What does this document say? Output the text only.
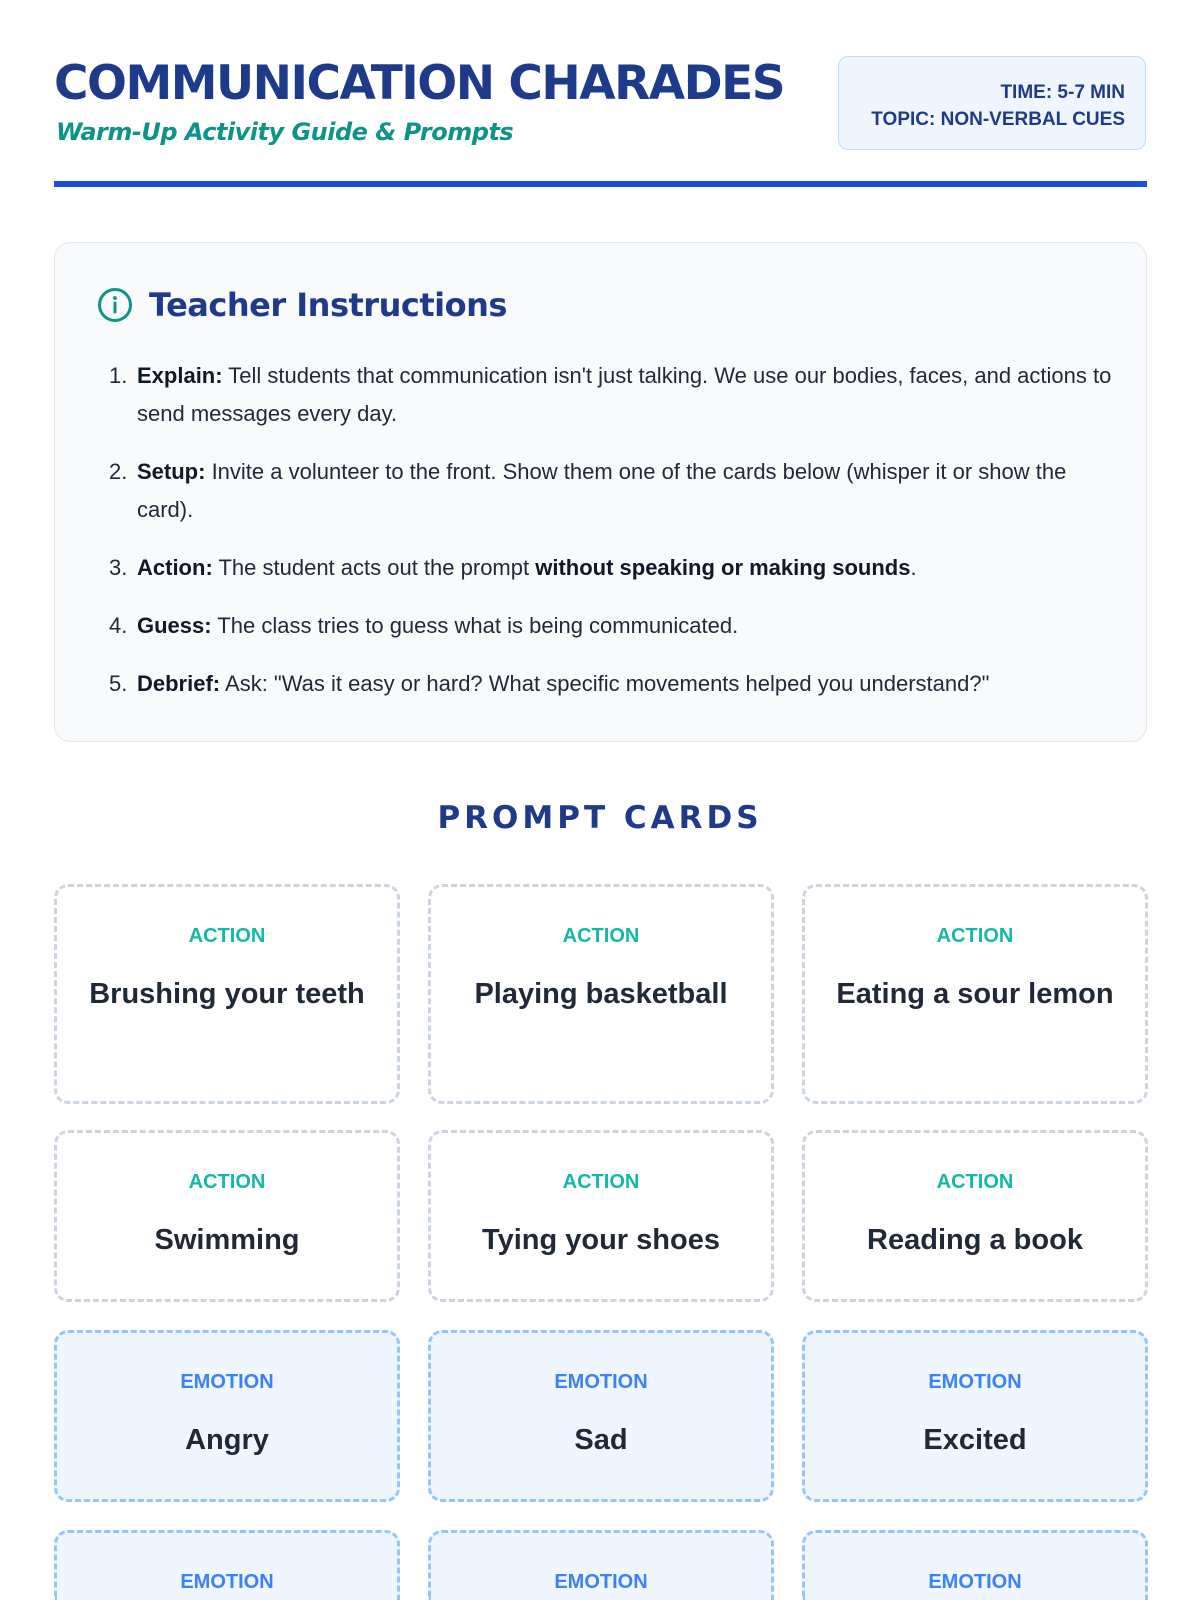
COMMUNICATION CHARADES
Warm-Up Activity Guide & Prompts
TIME: 5-7 MIN
TOPIC: NON-VERBAL CUES
Teacher Instructions
1. Explain: Tell students that communication isn't just talking. We use our bodies, faces, and actions to send messages every day.
2. Setup: Invite a volunteer to the front. Show them one of the cards below (whisper it or show the card).
3. Action: The student acts out the prompt without speaking or making sounds.
4. Guess: The class tries to guess what is being communicated.
5. Debrief: Ask: "Was it easy or hard? What specific movements helped you understand?"
PROMPT CARDS
ACTION
Brushing your teeth
ACTION
Playing basketball
ACTION
Eating a sour lemon
ACTION
Swimming
ACTION
Tying your shoes
ACTION
Reading a book
EMOTION
Angry
EMOTION
Sad
EMOTION
Excited
EMOTION	EMOTION	EMOTION
